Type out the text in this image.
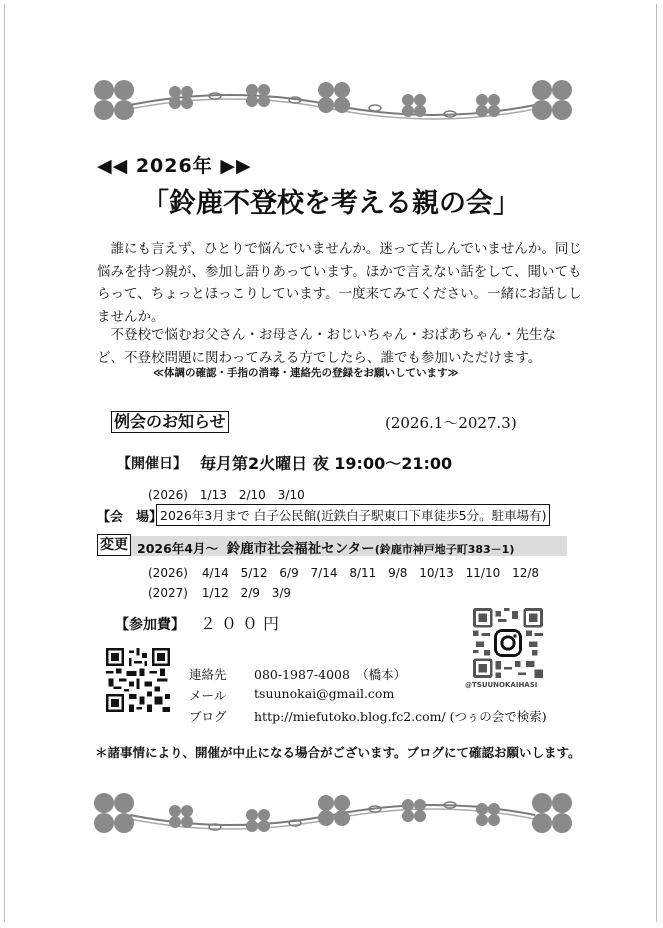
◀◀ 2026年 ▶▶
「鈴鹿不登校を考える親の会」
誰にも言えず、ひとりで悩んでいませんか。迷って苦しんでいませんか。同じ悩みを持つ親が、参加し語りあっています。ほかで言えない話をして、聞いてもらって、ちょっとほっこりしています。一度来てみてください。一緒にお話ししませんか。
不登校で悩むお父さん・お母さん・おじいちゃん・おばあちゃん・先生など、不登校問題に関わってみえる方でしたら、誰でも参加いただけます。
≪体調の確認・手指の消毒・連絡先の登録をお願いしています≫
例会のお知らせ	(2026.1～2027.3)
【開催日】 毎月第2火曜日 夜 19:00～21:00
(2026)　1/13　2/10　3/10
【会　場】
2026年3月まで 白子公民館(近鉄白子駅東口下車徒歩5分。駐車場有)
変更 2026年4月～ 鈴鹿市社会福祉センター(鈴鹿市神戸地子町383－1)
(2026) 4/14 5/12 6/9 7/14 8/11 9/8 10/13 11/10 12/8
(2027) 1/12 2/9 3/9
【参加費】 ２００円
@TSUUNOKAIHASI
連絡先 080-1987-4008　（橋本）
メール tsuunokai@gmail.com
ブログ http://miefutoko.blog.fc2.com/ (つぅの会で検索)
＊諸事情により、開催が中止になる場合がございます。ブログにて確認お願いします。
